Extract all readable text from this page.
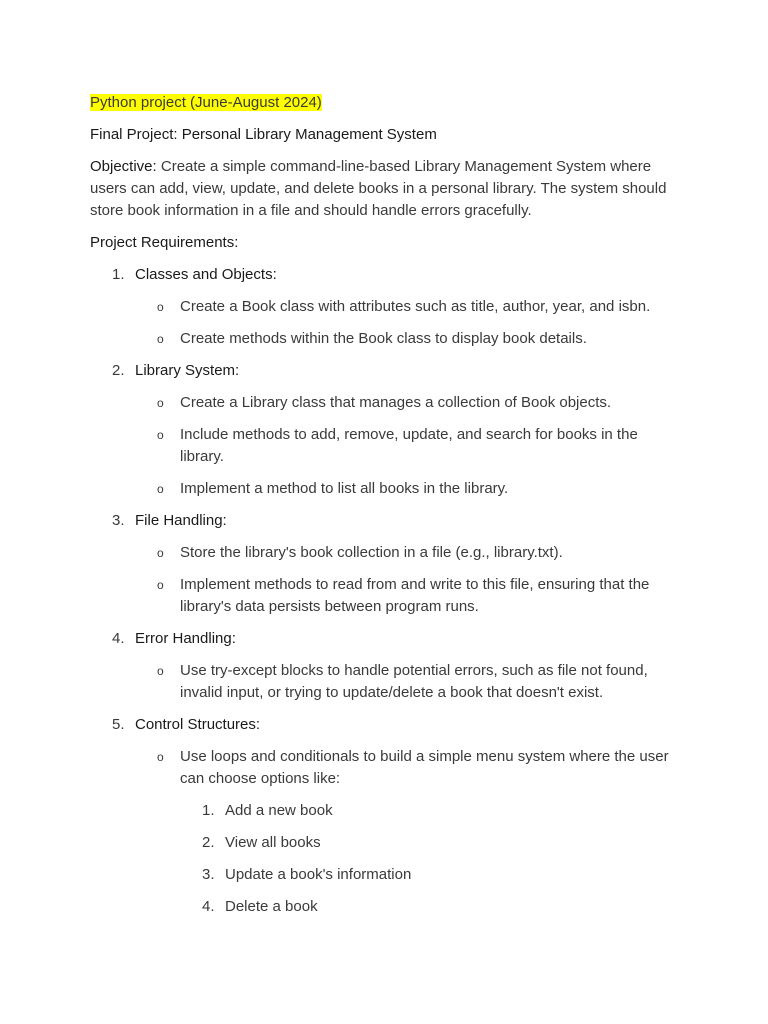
Python project (June-August 2024)

Final Project: Personal Library Management System

Objective: Create a simple command-line-based Library Management System where users can add, view, update, and delete books in a personal library. The system should store book information in a file and should handle errors gracefully.

Project Requirements:

1. Classes and Objects:
o Create a Book class with attributes such as title, author, year, and isbn.
o Create methods within the Book class to display book details.
2. Library System:
o Create a Library class that manages a collection of Book objects.
o Include methods to add, remove, update, and search for books in the library.
o Implement a method to list all books in the library.
3. File Handling:
o Store the library's book collection in a file (e.g., library.txt).
o Implement methods to read from and write to this file, ensuring that the library's data persists between program runs.
4. Error Handling:
o Use try-except blocks to handle potential errors, such as file not found, invalid input, or trying to update/delete a book that doesn't exist.
5. Control Structures:
o Use loops and conditionals to build a simple menu system where the user can choose options like:
1. Add a new book
2. View all books
3. Update a book's information
4. Delete a book
